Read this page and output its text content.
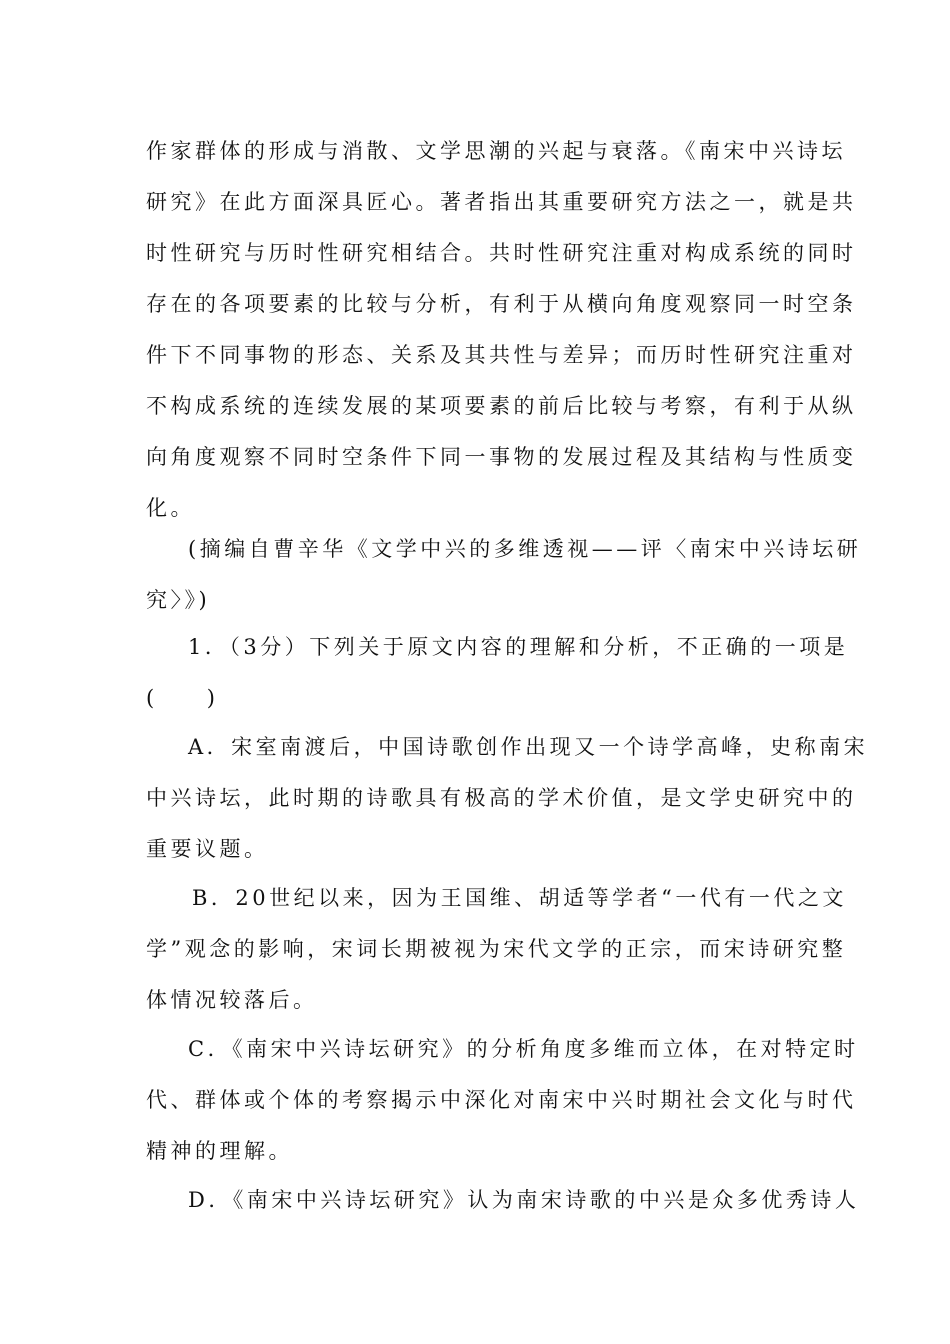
作家群体的形成与消散、文学思潮的兴起与衰落。《南宋中兴诗坛
研究》在此方面深具匠心。著者指出其重要研究方法之一，就是共
时性研究与历时性研究相结合。共时性研究注重对构成系统的同时
存在的各项要素的比较与分析，有利于从横向角度观察同一时空条
件下不同事物的形态、关系及其共性与差异；而历时性研究注重对
不构成系统的连续发展的某项要素的前后比较与考察，有利于从纵
向角度观察不同时空条件下同一事物的发展过程及其结构与性质变
化。
(摘编自曹辛华《文学中兴的多维透视——评〈南宋中兴诗坛研
究〉》)
1．（3分）下列关于原文内容的理解和分析，不正确的一项是
(　　)
A．宋室南渡后，中国诗歌创作出现又一个诗学高峰，史称南宋
中兴诗坛，此时期的诗歌具有极高的学术价值，是文学史研究中的
重要议题。
B．20世纪以来，因为王国维、胡适等学者“一代有一代之文
学”观念的影响，宋词长期被视为宋代文学的正宗，而宋诗研究整
体情况较落后。
C．《南宋中兴诗坛研究》的分析角度多维而立体，在对特定时
代、群体或个体的考察揭示中深化对南宋中兴时期社会文化与时代
精神的理解。
D．《南宋中兴诗坛研究》认为南宋诗歌的中兴是众多优秀诗人
